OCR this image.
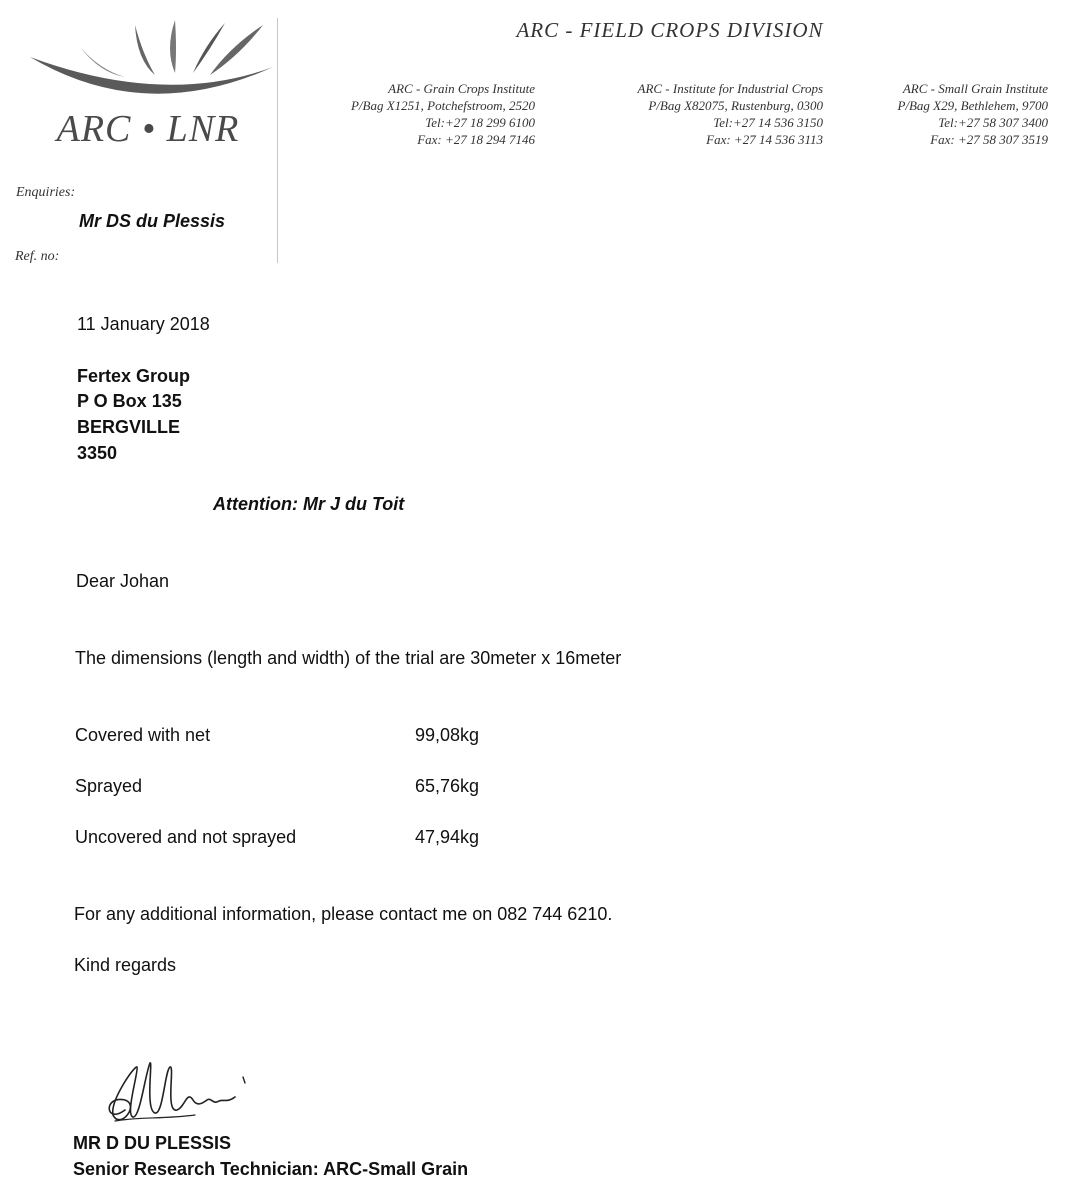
ARC • LNR
ARC - FIELD CROPS DIVISION
ARC - Grain Crops Institute
P/Bag X1251, Potchefstroom, 2520
Tel:+27 18 299 6100
Fax: +27 18 294 7146
ARC - Institute for Industrial Crops
P/Bag X82075, Rustenburg, 0300
Tel:+27 14 536 3150
Fax: +27 14 536 3113
ARC - Small Grain Institute
P/Bag X29, Bethlehem, 9700
Tel:+27 58 307 3400
Fax: +27 58 307 3519
Enquiries:
Mr DS du Plessis
Ref. no:
11 January 2018
Fertex Group
P O Box 135
BERGVILLE
3350
Attention: Mr J du Toit
Dear Johan
The dimensions (length and width) of the trial are 30meter x 16meter
Covered with net	99,08kg
Sprayed	65,76kg
Uncovered and not sprayed	47,94kg
For any additional information, please contact me on 082 744 6210.
Kind regards
MR D DU PLESSIS
Senior Research Technician: ARC-Small Grain
